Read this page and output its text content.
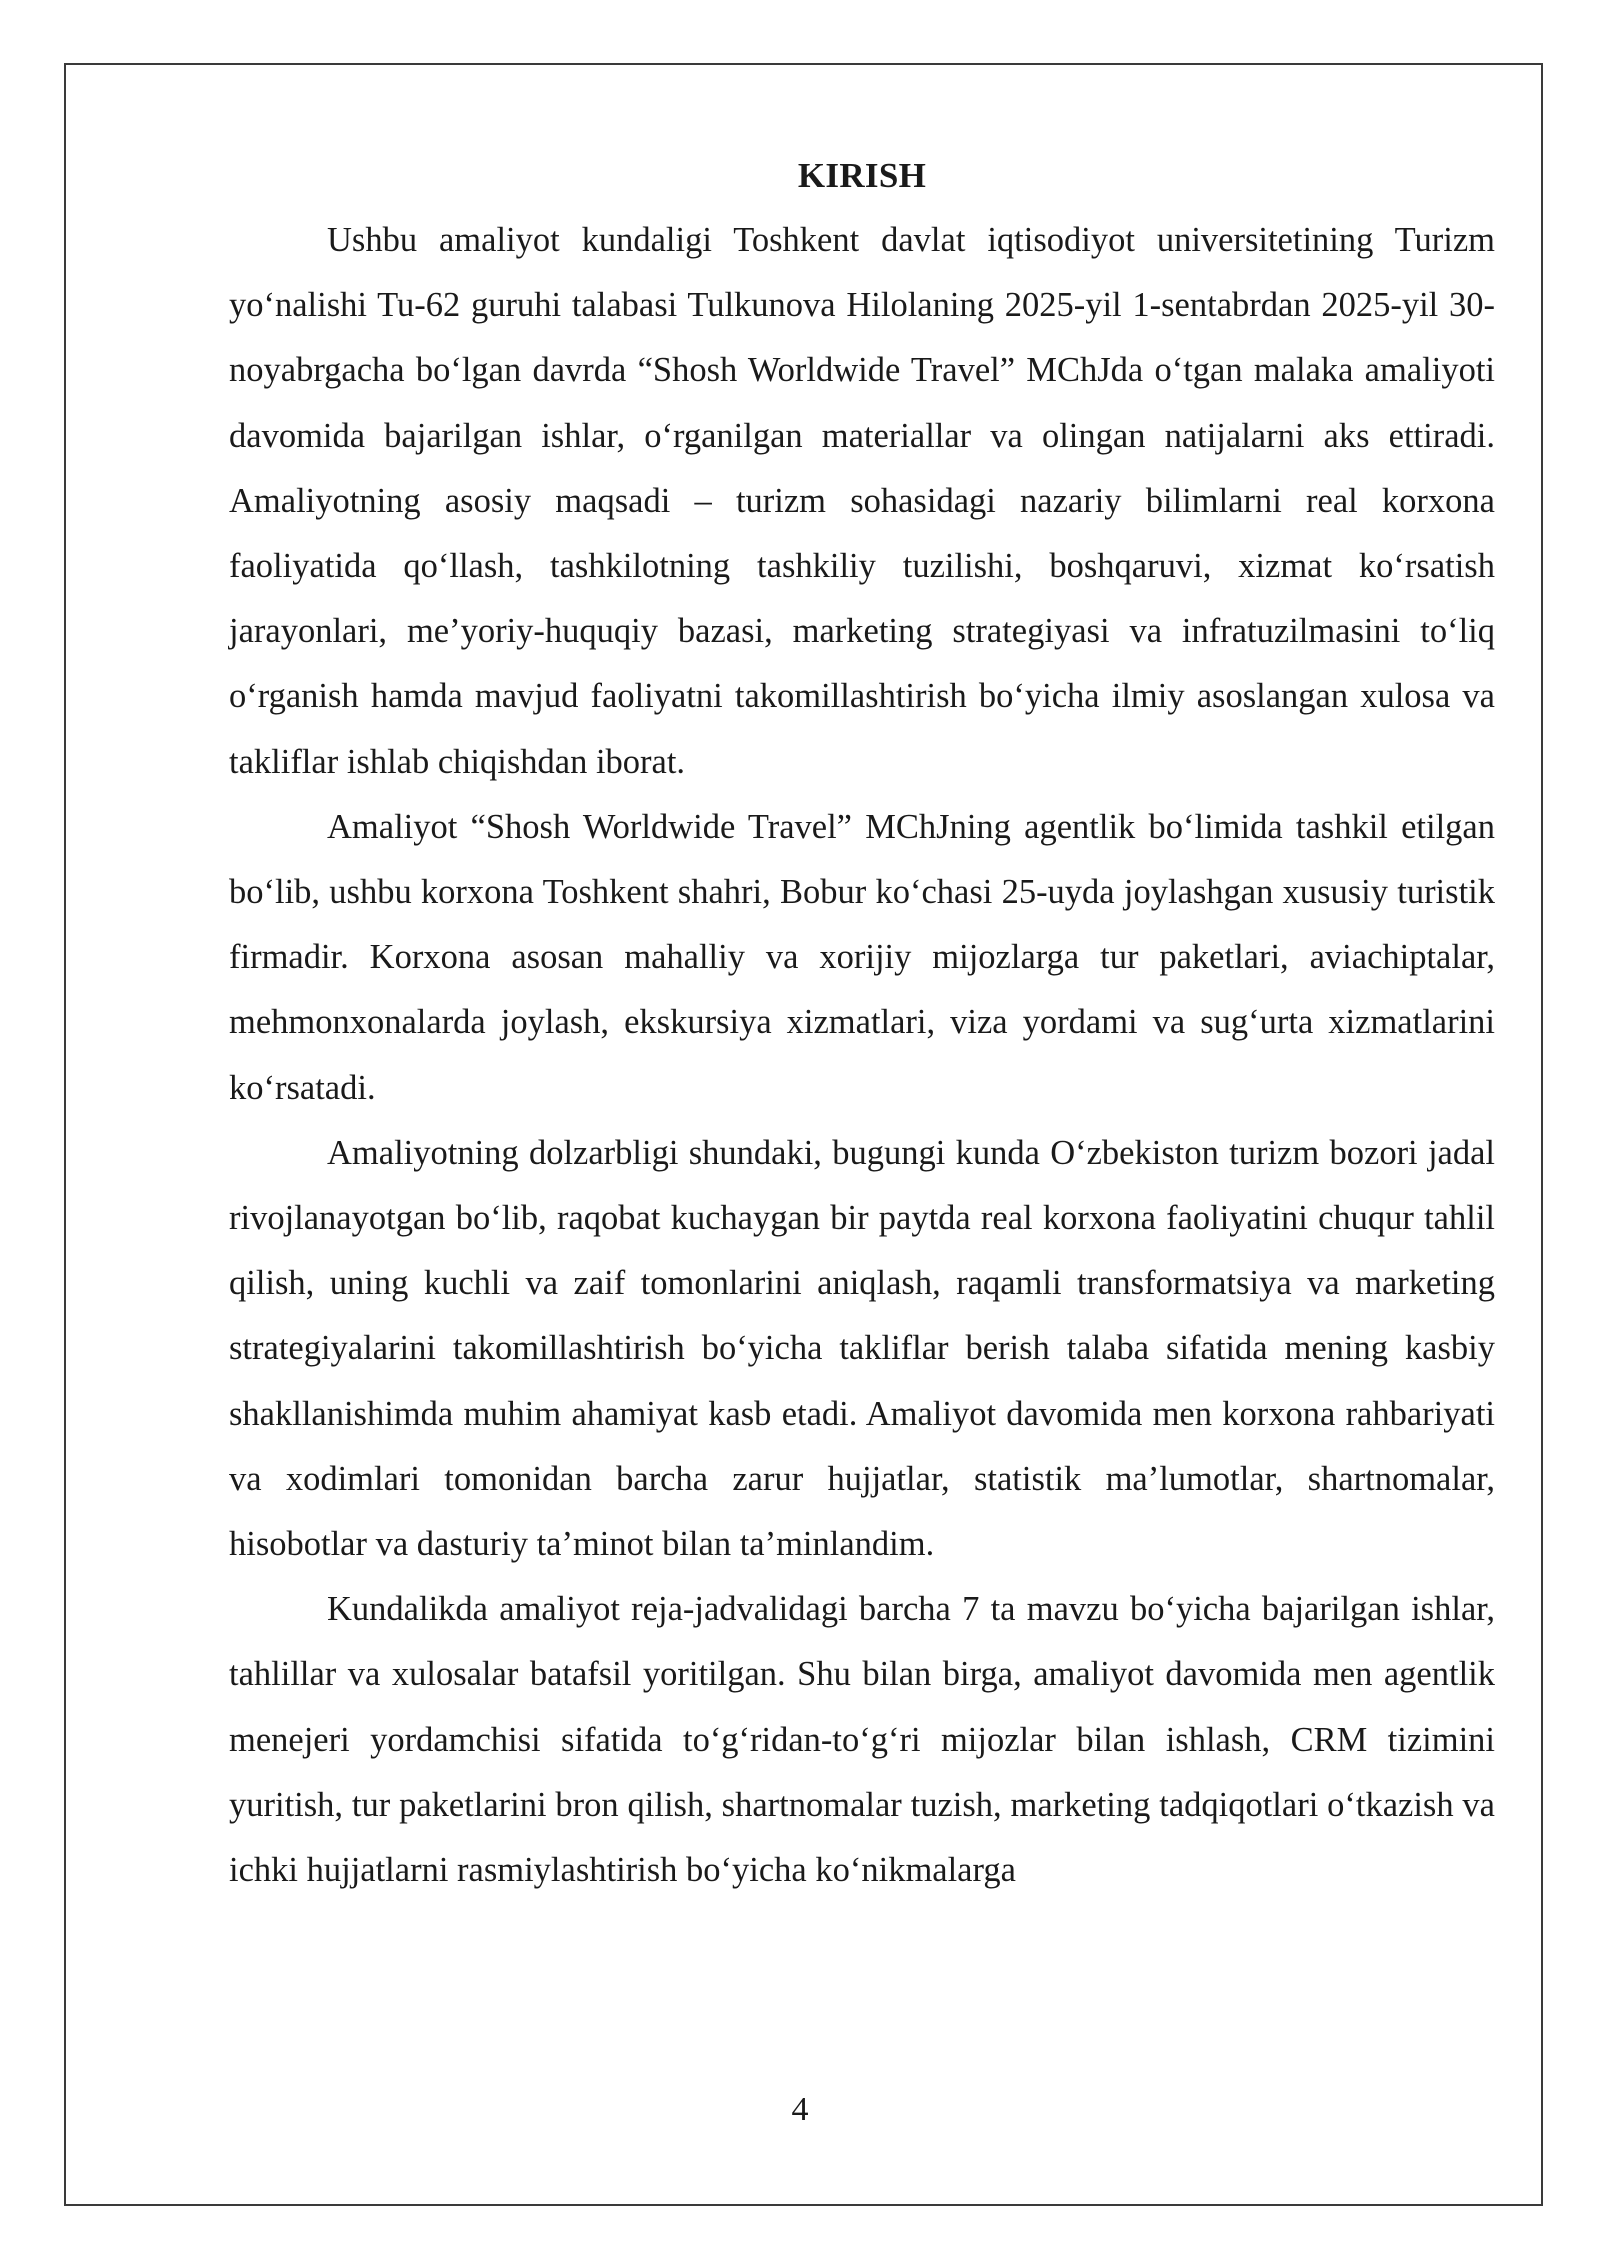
KIRISH

Ushbu amaliyot kundaligi Toshkent davlat iqtisodiyot universitetining Turizm yo‘nalishi Tu-62 guruhi talabasi Tulkunova Hilolaning 2025-yil 1-sentabrdan 2025-yil 30-noyabrgacha bo‘lgan davrda “Shosh Worldwide Travel” MChJda o‘tgan malaka amaliyoti davomida bajarilgan ishlar, o‘rganilgan materiallar va olingan natijalarni aks ettiradi. Amaliyotning asosiy maqsadi – turizm sohasidagi nazariy bilimlarni real korxona faoliyatida qo‘llash, tashkilotning tashkiliy tuzilishi, boshqaruvi, xizmat ko‘rsatish jarayonlari, me’yoriy-huquqiy bazasi, marketing strategiyasi va infratuzilmasini to‘liq o‘rganish hamda mavjud faoliyatni takomillashtirish bo‘yicha ilmiy asoslangan xulosa va takliflar ishlab chiqishdan iborat.

Amaliyot “Shosh Worldwide Travel” MChJning agentlik bo‘limida tashkil etilgan bo‘lib, ushbu korxona Toshkent shahri, Bobur ko‘chasi 25-uyda joylashgan xususiy turistik firmadir. Korxona asosan mahalliy va xorijiy mijozlarga tur paketlari, aviachiptalar, mehmonxonalarda joylash, ekskursiya xizmatlari, viza yordami va sug‘urta xizmatlarini ko‘rsatadi.

Amaliyotning dolzarbligi shundaki, bugungi kunda O‘zbekiston turizm bozori jadal rivojlanayotgan bo‘lib, raqobat kuchaygan bir paytda real korxona faoliyatini chuqur tahlil qilish, uning kuchli va zaif tomonlarini aniqlash, raqamli transformatsiya va marketing strategiyalarini takomillashtirish bo‘yicha takliflar berish talaba sifatida mening kasbiy shakllanishimda muhim ahamiyat kasb etadi. Amaliyot davomida men korxona rahbariyati va xodimlari tomonidan barcha zarur hujjatlar, statistik ma’lumotlar, shartnomalar, hisobotlar va dasturiy ta’minot bilan ta’minlandim.

Kundalikda amaliyot reja-jadvalidagi barcha 7 ta mavzu bo‘yicha bajarilgan ishlar, tahlillar va xulosalar batafsil yoritilgan. Shu bilan birga, amaliyot davomida men agentlik menejeri yordamchisi sifatida to‘g‘ridan-to‘g‘ri mijozlar bilan ishlash, CRM tizimini yuritish, tur paketlarini bron qilish, shartnomalar tuzish, marketing tadqiqotlari o‘tkazish va ichki hujjatlarni rasmiylashtirish bo‘yicha ko‘nikmalarga

4
